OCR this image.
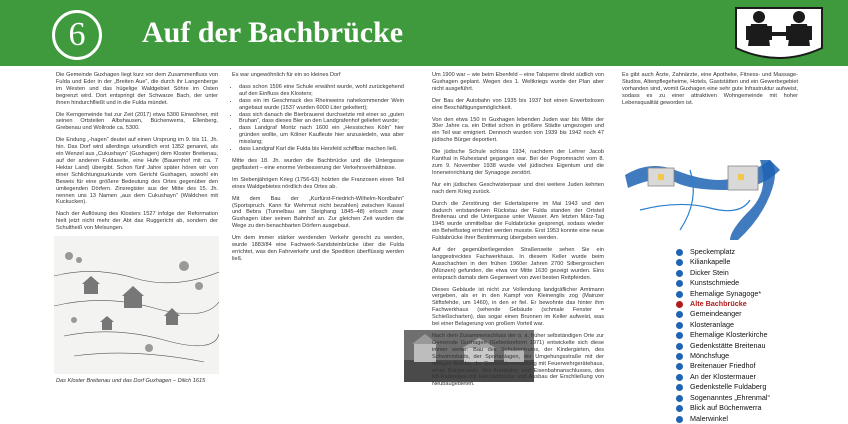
6	Auf der Bachbrücke

Die Gemeinde Guxhagen liegt kurz vor dem Zusammenfluss von Fulda und Eder in der „Breiten Aue“, die durch ihr Langenberge im Westen und das hügelige Waldgebiet Söhre im Osten begrenzt wird. Dort entspringt der Schwarze Bach, der unter ihnen hindurchfließt und in die Fulda mündet.

Die Kerngemeinde hat zur Zeit (2017) etwa 5300 Einwohner, mit seinen Ortsteilen Albshausen, Büchenwerra, Ellenberg, Grebenau und Wollrode ca. 5300.

Die Endung „-hagen“ deutet auf einen Ursprung im 9. bis 11. Jh. hin. Das Dorf wird allerdings urkundlich erst 1352 genannt, als ein Wenzel aus „Cukushayn“ (Guxhagen) dem Kloster Breitenau, auf der anderen Fuldaseite, eine Hufe (Bauernhof mit ca. 7 Hektar Land) übergibt. Schon fünf Jahre später hören wir von einer Schlichtungsurkunde vom Gericht Guxhagen, sowohl ein Beweis für eine größere Bedeutung des Ortes gegenüber den umliegenden Dörfern. Zinsregister aus der Mitte des 15. Jh. nennen uns 13 Namen „aus dem Cukushayn“ (Wäldchen mit Kuckucken).

Nach der Auflösung des Klosters 1527 infolge der Reformation hielt jetzt nicht mehr der Abt das Ruggericht ab, sondern der Schultheiß von Melsungen.

Das Kloster Breitenau und das Dorf Guxhagen – Dilich 1615

Es war ungewöhnlich für ein so kleines Dorf

• dass schon 1596 eine Schule erwähnt wurde, wohl zurückgehend auf den Einfluss des Klosters;
• dass ein im Geschmack des Rheinweins nahekommender Wein angebaut wurde (1537 wurden 6000 Liter gekeltert);
• dass sich danach die Bierbrauerei durchsetzte mit einer so „guten Bruhan“, dass dieses Bier an den Landgrafenhof geliefert wurde;
• dass Landgraf Moritz nach 1600 ein „Hessisches Köln“ hier gründen wollte, um Kölner Kaufleute hier anzusiedeln, was aber misslang;
• dass Landgraf Karl die Fulda bis Hersfeld schiffbar machen ließ.

Mitte des 18. Jh. wurden die Bachbrücke und die Untergasse gepflastert – eine enorme Verbesserung der Verkehrsverhältnisse.

Im Siebenjährigen Krieg (1756-63) holzten die Franzosen einen Teil eines Waldgebietes nördlich des Ortes ab.

Mit dem Bau der „Kurfürst-Friedrich-Wilhelm-Nordbahn“ (Sportspruch. Kann für Wehrmut nicht bezahlen) zwischen Kassel und Bebra (Tunnelbau am Steighang 1845–48) erlosch zwar Guxhagen über seinen Bahnhof an. Zur gleichen Zeit wurden die Wege zu den benachbarten Dörfern ausgebaut.

Um dem immer stärker werdenden Verkehr gerecht zu werden, wurde 1883/84 eine Fachwerk-Sandsteinbrücke über die Fulda errichtet, was den Fahrverkehr und die Spedition überflüssig werden ließ.

Um 1900 war – wie beim Ebenfeld – eine Talsperre direkt südlich von Guxhagen geplant. Wegen des 1. Weltkriegs wurde der Plan aber nicht ausgeführt.

Der Bau der Autobahn von 1935 bis 1937 bot einen Erwerbslosen eine Beschäftigungsmöglichkeit.

Von den etwa 150 in Guxhagen lebenden Juden war bis Mitte der 30er Jahre ca. ein Drittel schon in größere Städte umgezogen und ein Teil war emigriert. Dennoch wurden von 1939 bis 1942 noch 47 jüdische Bürger deportiert.

Die jüdische Schule schloss 1934, nachdem der Lehrer Jacob Kanthal in Ruhestand gegangen war. Bei der Pogromnacht vom 8. zum 9. November 1938 wurde viel jüdisches Eigentum und die Inneneinrichtung der Synagoge zerstört.

Nur ein jüdisches Geschwisterpaar und drei weitere Juden kehrten nach dem Krieg zurück.

Durch die Zerstörung der Edertalsperre im Mai 1943 und den dadurch entstandenen Rückstau der Fulda standen der Ortsteil Breitenau und die Untergasse unter Wasser. Am letzten März-Tag 1945 wurde unmittelbar die Fuldabrücke gesprengt, sodass wieder ein Behelfssteg errichtet werden musste. Erst 1953 konnte eine neue Fuldabrücke ihrer Bestimmung übergeben werden.

Auf der gegenüberliegenden Straßenseite sehen Sie ein langgestrecktes Fachwerkhaus. In diesem Keller wurde beim Ausschachten in den frühen 1960er Jahren 2700 Silbergroschen (Münzen) gefunden, die etwa vor Mitte 1630 gezeigt wurden. Eins entsprach damals dem Gegenwert von zwei besten Reitpferden.

Dieses Gebäude ist nicht zur Vollendung landgräflicher Amtmann vergeben, als er in den Kampf von Kleinenglis zog (Mainzer Stiftsfehde, um 1460), in den er fiel. Er bewohnte das hinter ihm Fachwerkhaus (sehende Gebäude (schmale Fenster = Schießscharten), das sogar einen Brunnen im Keller aufweist, was bei einer Belagerung von großem Vorteil war.

Nach dem Zusammenschluss der o. a. früher selbständigen Orte zur Gemeinde Guxhagen (Gebietsreform 1971) entwickelte sich diese immer weiter: Bau des Schulzentrums, der Kindergärten, des Schwimmbads, der Sportanlagen, der Umgehungsstraße mit der riesigen Brücke, der Gemeindeverwaltung mit Feuerwehrgerätehaus, eines Bürgersaals, des Autobahn- und Eisenbahnanschlusses, des Kfl-Radweges mit Fahrradbrücke und Ausbau der Erschließung von Neubaugebieten.

Es gibt auch Ärzte, Zahnärzte, eine Apotheke, Fitness- und Massage-Studios, Altenpflegeheime, Hotels, Gaststätten und ein Gewerbegebiet vorhanden sind, womit Guxhagen eine sehr gute Infrastruktur aufweist, sodass es zu einer attraktiven Wohngemeinde mit hoher Lebensqualität geworden ist.

Speckemplatz
Kiliankapelle
Dicker Stein
Kunstschmiede
Ehemalige Synagoge*
Alte Bachbrücke
Gemeindeanger
Klosteranlage
Ehemalige Klosterkirche
Gedenkstätte Breitenau
Mönchsfuge
Breitenauer Friedhof
An der Klostermauer
Gedenkstelle Fuldaberg
Sogenanntes „Ehrenmal“
Blick auf Büchenwerra
Malerwinkel
